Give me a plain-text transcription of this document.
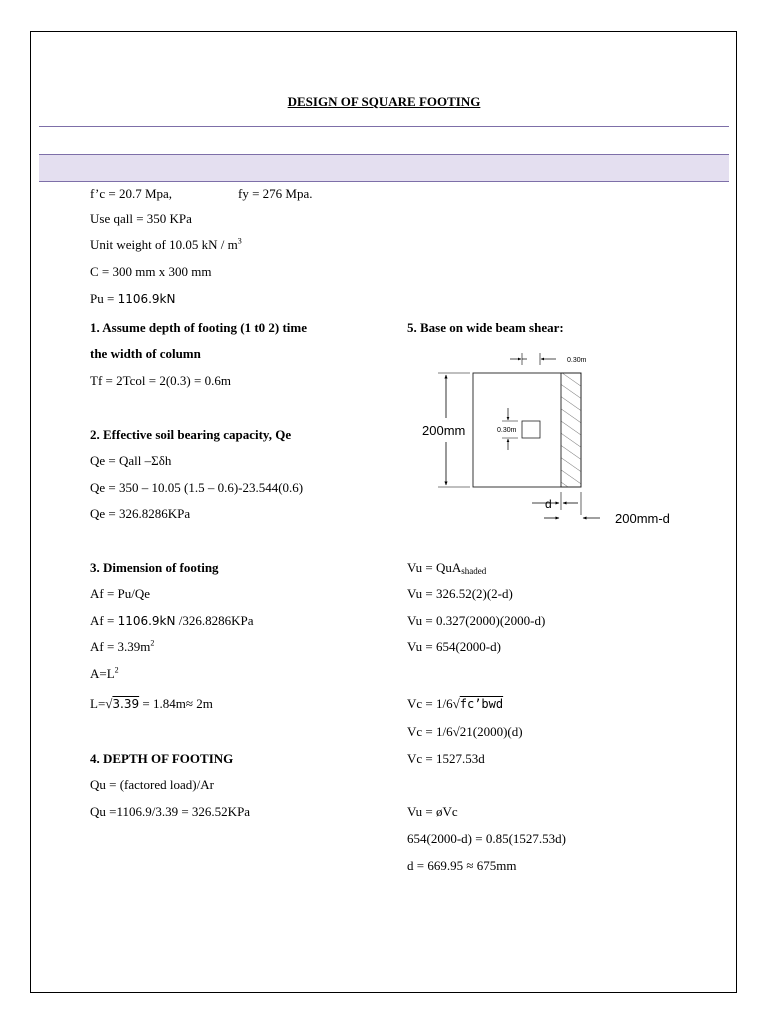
DESIGN OF SQUARE FOOTING
f’c = 20.7 Mpa,	fy = 276 Mpa.
Use qall = 350 KPa
Unit weight of 10.05 kN / $m^3$
C = 300 mm x 300 mm
Pu = 1106.9kN
1. Assume depth of footing (1 t0 2) time
the width of column
Tf = 2Tcol = 2(0.3) = 0.6m
2. Effective soil bearing capacity, Qe
Qe = Qall –Σδh
Qe = 350 – 10.05 (1.5 – 0.6)-23.544(0.6)
Qe = 326.8286KPa
3. Dimension of footing
Af = Pu/Qe
Af = 1106.9kN /326.8286KPa
$Af = 3.39m^2$
$A=L^2$
L=√3.39 = 1.84m≈ 2m
4. DEPTH OF FOOTING
Qu = (factored load)/Ar
Qu =1106.9/3.39 = 326.52KPa
5. Base on wide beam shear:
0.30m
0.30m
200mm
d
200mm-d
Vu = QuA$_{shaded}$
Vu = 326.52(2)(2-d)
Vu = 0.327(2000)(2000-d)
Vu = 654(2000-d)
Vc = 1/6√fc’bwd
Vc = 1/6√21(2000)(d)
Vc = 1527.53d
Vu = øVc
654(2000-d) = 0.85(1527.53d)
d = 669.95 ≈ 675mm
